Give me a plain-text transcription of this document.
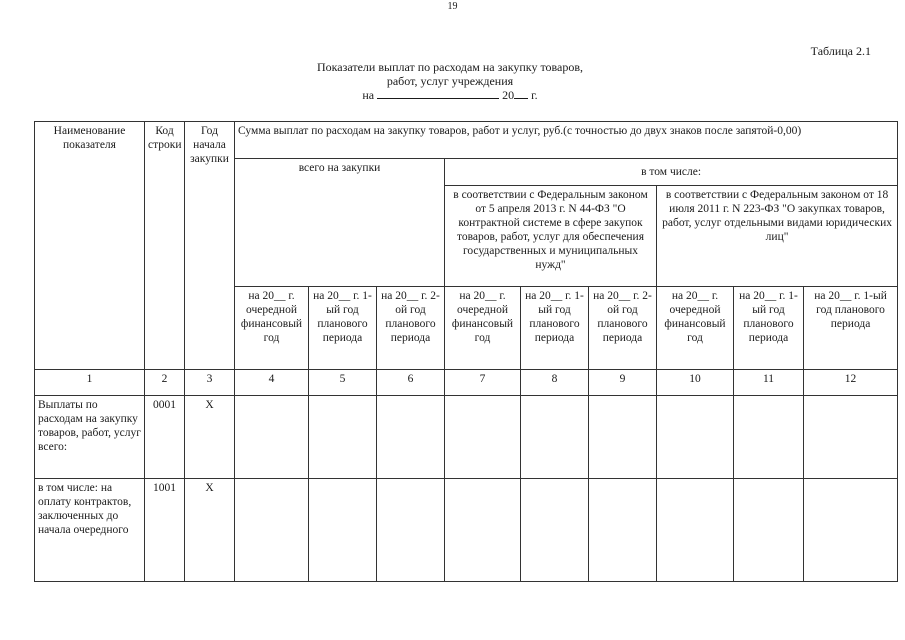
19
Таблица 2.1
Показатели выплат по расходам на закупку товаров,
работ, услуг учреждения
на	20 г.
Наименование показателя	Код строки	Год начала закупки	Сумма выплат по расходам на закупку товаров, работ и услуг, руб.(с точностью до двух знаков после запятой-0,00)								
			всего на закупки			в том числе:					
						в соответствии с Федеральным законом от 5 апреля 2013 г. N 44-ФЗ "О контрактной системе в сфере закупок товаров, работ, услуг для обеспечения государственных и муниципальных нужд"			в соответствии с Федеральным законом от 18 июля 2011 г. N 223-ФЗ "О закупках товаров, работ, услуг отдельными видами юридических лиц"		
			на 20__ г. очередной финансовый год	на 20__ г. 1-ый год планового периода	на 20__ г. 2-ой год планового периода	на 20__ г. очередной финансовый год	на 20__ г. 1-ый год планового периода	на 20__ г. 2-ой год планового периода	на 20__ г. очередной финансовый год	на 20__ г. 1-ый год планового периода	на 20__ г. 1-ый год планового периода
1	2	3	4	5	6	7	8	9	10	11	12
Выплаты по расходам на закупку товаров, работ, услуг всего:	0001	Х									
в том числе: на оплату контрактов, заключенных до начала очередного	1001	Х									
